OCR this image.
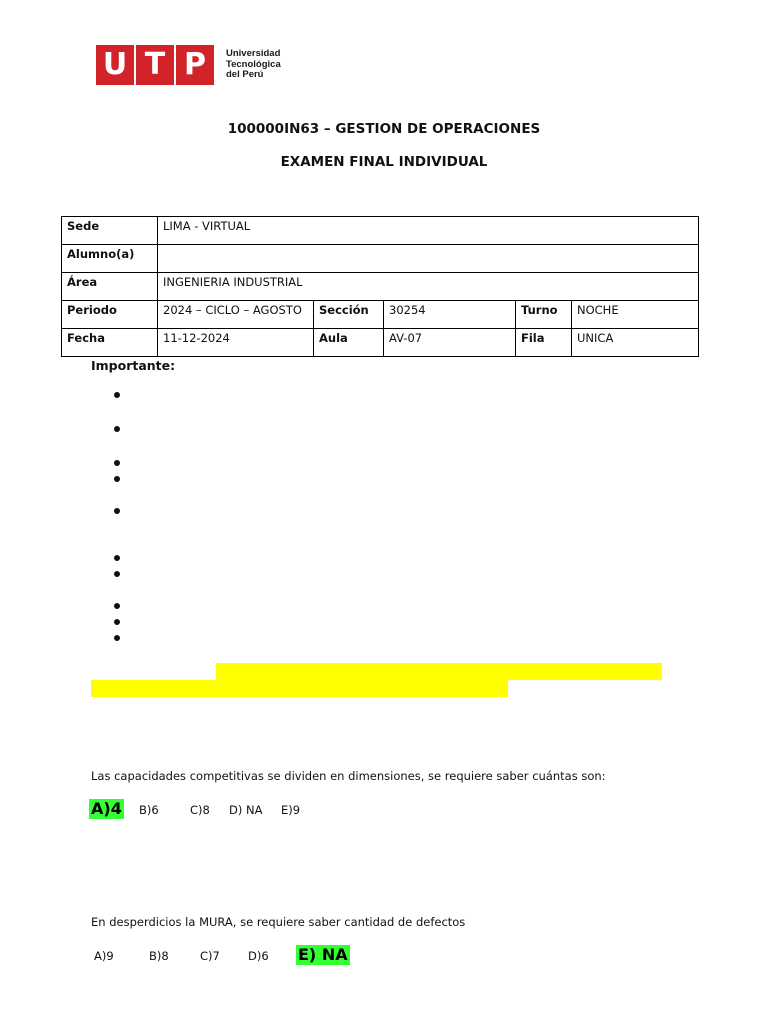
U T P	Universidad
Tecnológica
del Perú
100000IN63 – GESTION DE OPERACIONES
EXAMEN FINAL INDIVIDUAL
Sede	LIMA - VIRTUAL				
Alumno(a)					
Área	INGENIERIA INDUSTRIAL				
Periodo	2024 – CICLO – AGOSTO	Sección	30254	Turno	NOCHE
Fecha	11-12-2024	Aula	AV-07	Fila	UNICA
Importante:
Las capacidades competitivas se dividen en dimensiones, se requiere saber cuántas son:
A)4 B)6	C)8 D) NA E)9
En desperdicios la MURA, se requiere saber cantidad de defectos
A)9	B)8	C)7 D)6 E) NA
